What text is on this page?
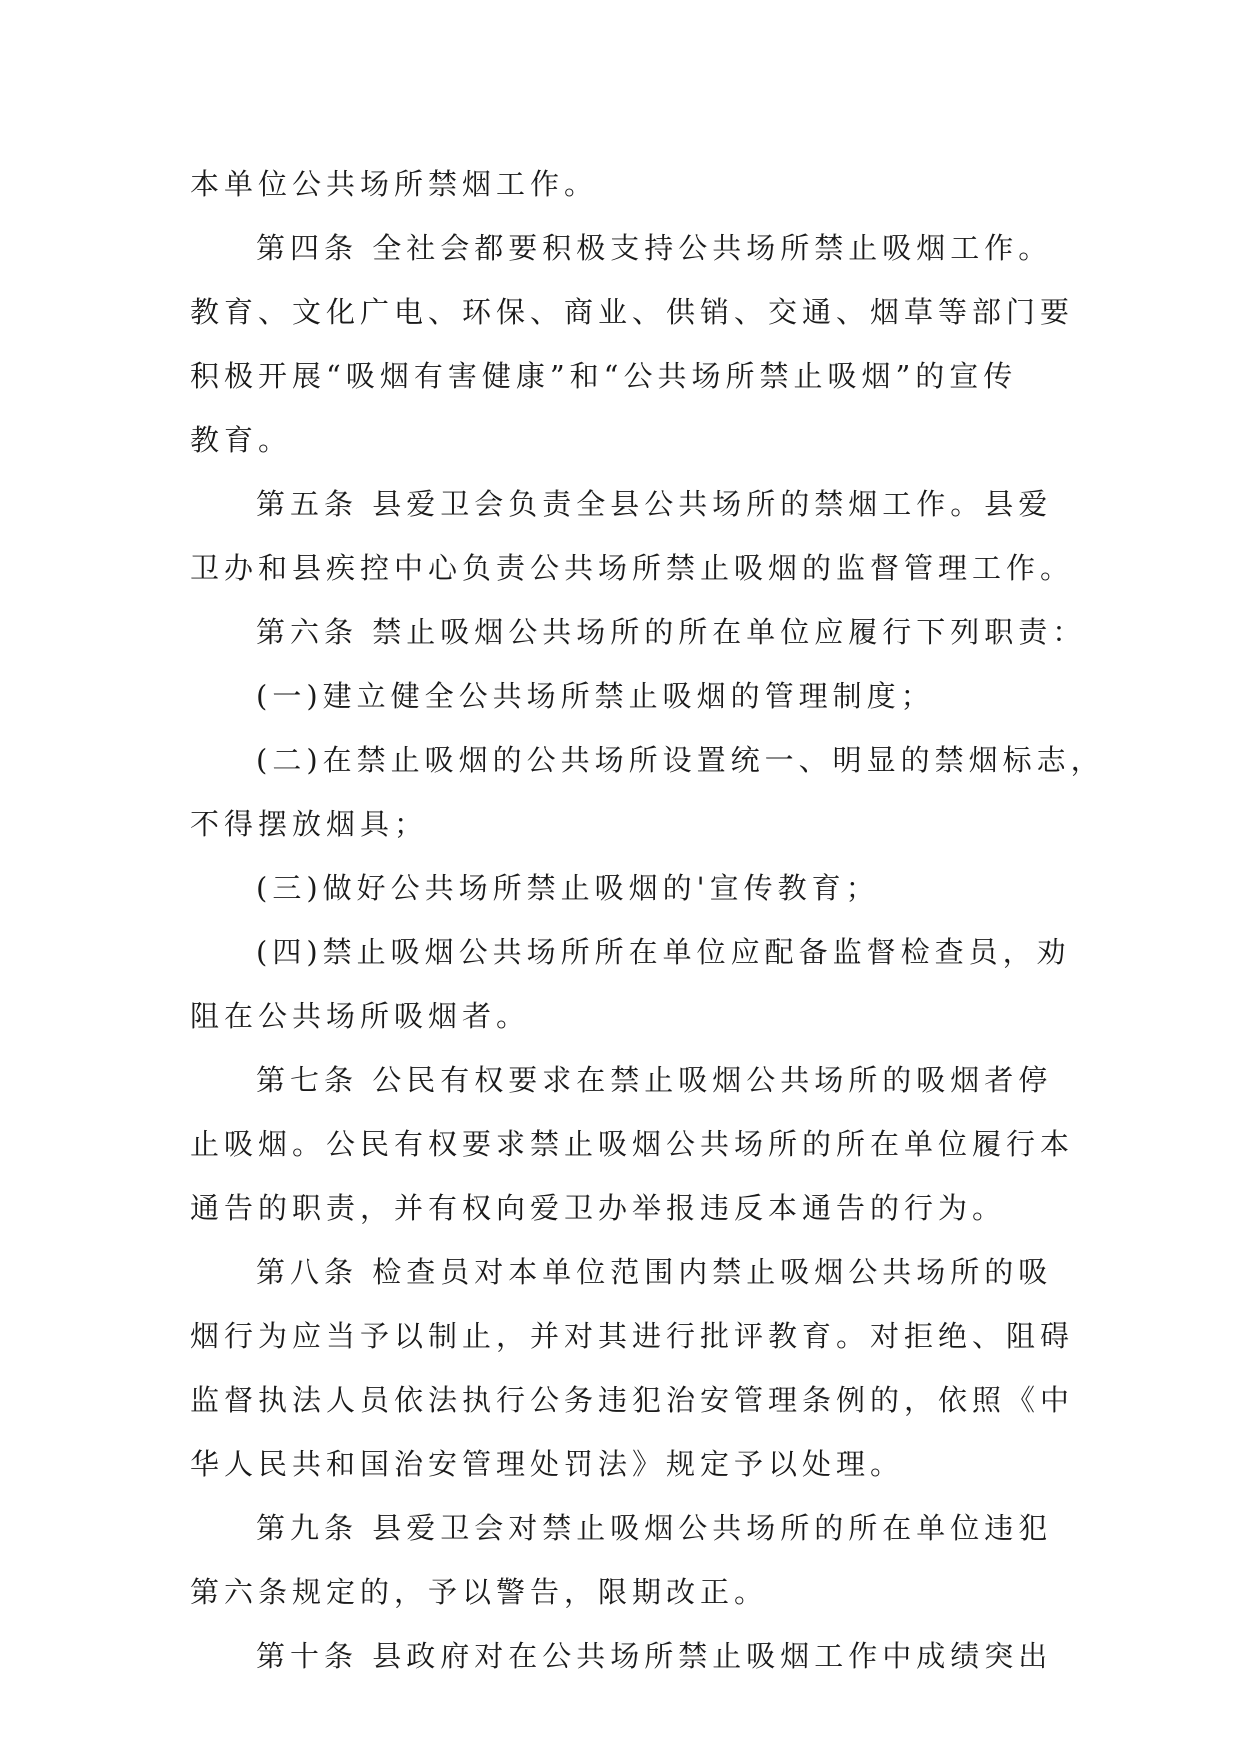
本单位公共场所禁烟工作。
第四条 全社会都要积极支持公共场所禁止吸烟工作。
教育、文化广电、环保、商业、供销、交通、烟草等部门要
积极开展“吸烟有害健康”和“公共场所禁止吸烟”的宣传
教育。
第五条 县爱卫会负责全县公共场所的禁烟工作。县爱
卫办和县疾控中心负责公共场所禁止吸烟的监督管理工作。
第六条 禁止吸烟公共场所的所在单位应履行下列职责：
(一)建立健全公共场所禁止吸烟的管理制度；
(二)在禁止吸烟的公共场所设置统一、明显的禁烟标志，
不得摆放烟具；
(三)做好公共场所禁止吸烟的'宣传教育；
(四)禁止吸烟公共场所所在单位应配备监督检查员，劝
阻在公共场所吸烟者。
第七条 公民有权要求在禁止吸烟公共场所的吸烟者停
止吸烟。公民有权要求禁止吸烟公共场所的所在单位履行本
通告的职责，并有权向爱卫办举报违反本通告的行为。
第八条 检查员对本单位范围内禁止吸烟公共场所的吸
烟行为应当予以制止，并对其进行批评教育。对拒绝、阻碍
监督执法人员依法执行公务违犯治安管理条例的，依照《中
华人民共和国治安管理处罚法》规定予以处理。
第九条 县爱卫会对禁止吸烟公共场所的所在单位违犯
第六条规定的，予以警告，限期改正。
第十条 县政府对在公共场所禁止吸烟工作中成绩突出
